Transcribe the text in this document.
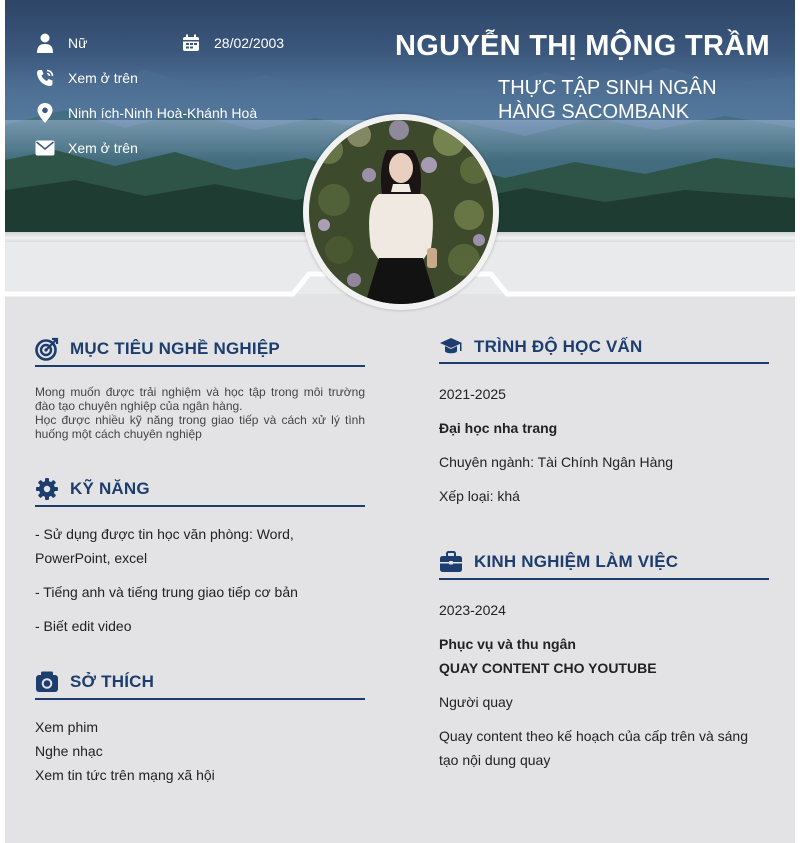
Nữ	28/02/2003
Xem ở trên
Ninh ích-Ninh Hoà-Khánh Hoà
Xem ở trên
NGUYỄN THỊ MỘNG TRẦM
THỰC TẬP SINH NGÂN HÀNG SACOMBANK
MỤC TIÊU NGHỀ NGHIỆP
Mong muốn được trải nghiệm và học tập trong môi trường đào tạo chuyên nghiệp của ngân hàng.
Học được nhiều kỹ năng trong giao tiếp và cách xử lý tình huống một cách chuyên nghiệp
KỸ NĂNG
- Sử dụng được tin học văn phòng: Word, PowerPoint, excel
- Tiếng anh và tiếng trung giao tiếp cơ bản
- Biết edit video
SỞ THÍCH
Xem phim
Nghe nhạc
Xem tin tức trên mạng xã hội
TRÌNH ĐỘ HỌC VẤN
2021-2025
Đại học nha trang
Chuyên ngành: Tài Chính Ngân Hàng
Xếp loại: khá
KINH NGHIỆM LÀM VIỆC
2023-2024
Phục vụ và thu ngân
QUAY CONTENT CHO YOUTUBE
Người quay
Quay content theo kế hoạch của cấp trên và sáng tạo nội dung quay
